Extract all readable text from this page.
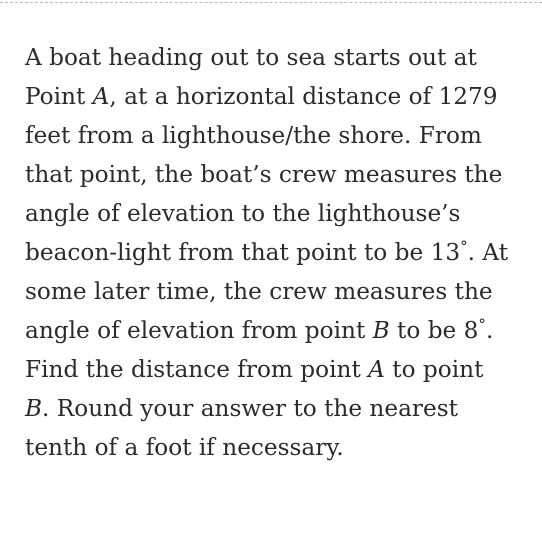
A boat heading out to sea starts out at
Point A, at a horizontal distance of 1279
feet from a lighthouse/the shore. From
that point, the boat’s crew measures the
angle of elevation to the lighthouse’s
beacon-light from that point to be 13°. At
some later time, the crew measures the
angle of elevation from point B to be 8°.
Find the distance from point A to point
B. Round your answer to the nearest
tenth of a foot if necessary.
